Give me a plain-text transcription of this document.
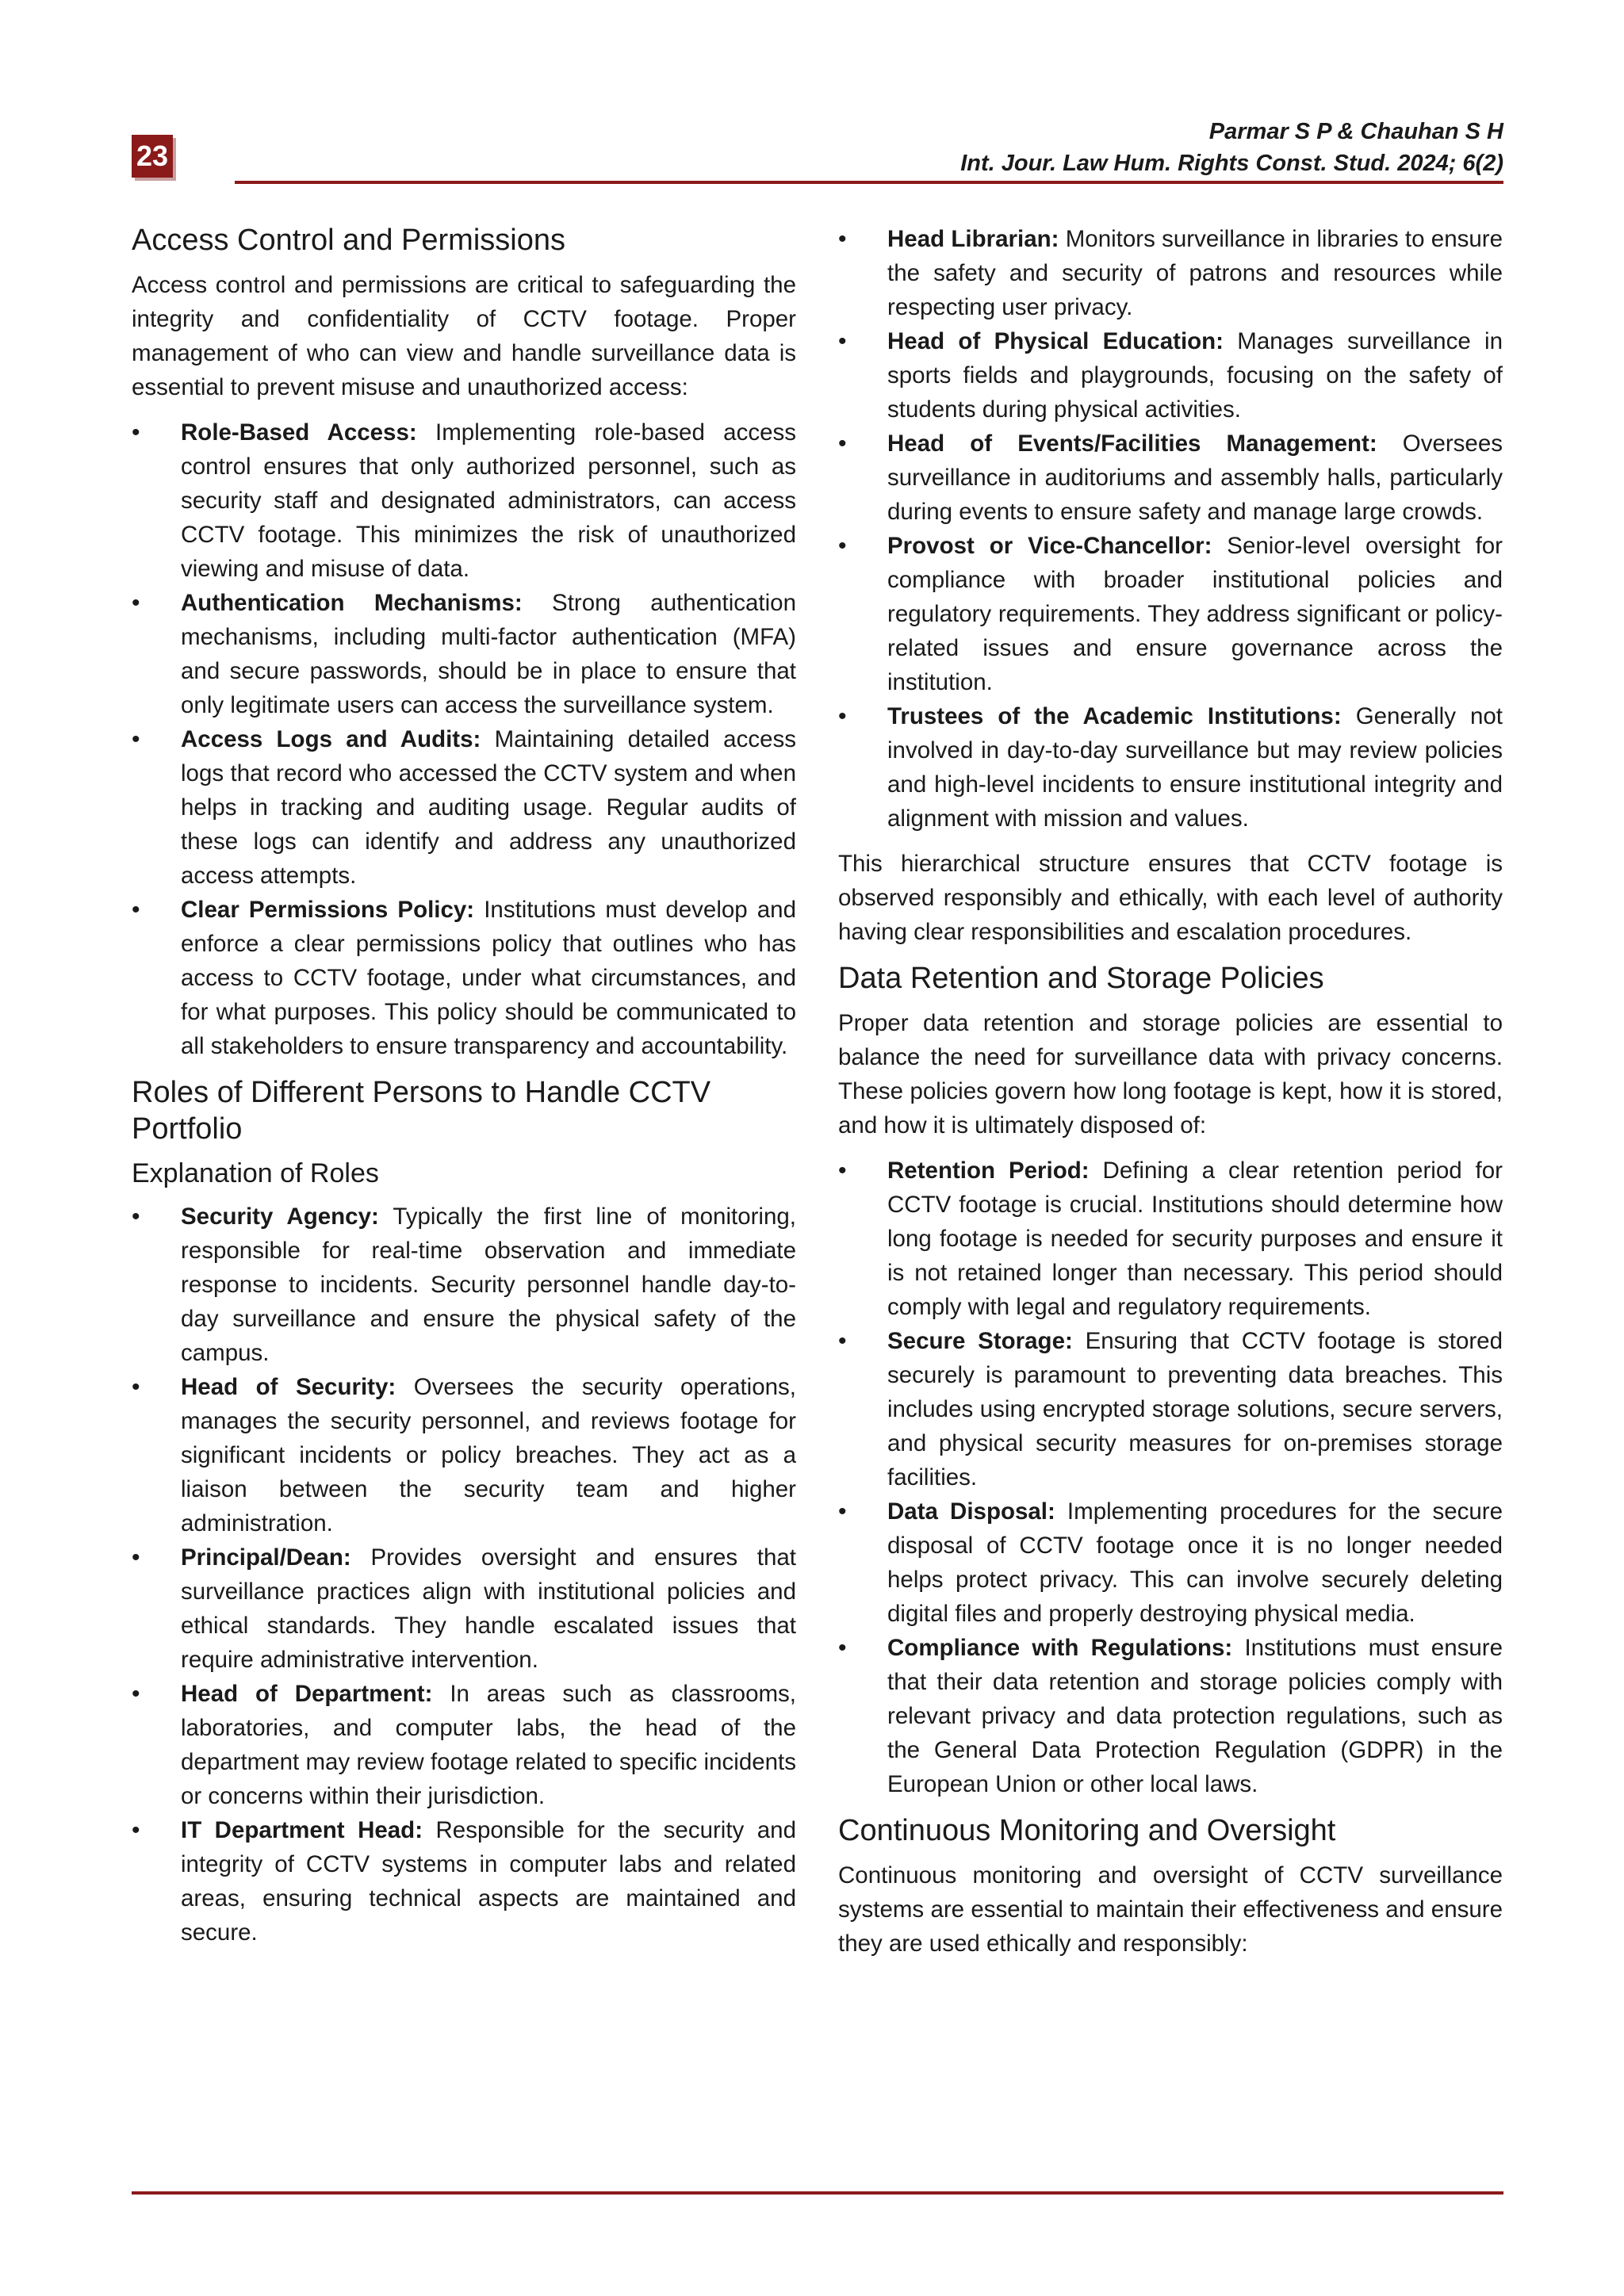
23
Parmar S P & Chauhan S H
Int. Jour. Law Hum. Rights Const. Stud. 2024; 6(2)
Access Control and Permissions

Access control and permissions are critical to safeguarding the integrity and confidentiality of CCTV footage. Proper management of who can view and handle surveillance data is essential to prevent misuse and unauthorized access:

• Role-Based Access: Implementing role-based access control ensures that only authorized personnel, such as security staff and designated administrators, can access CCTV footage. This minimizes the risk of unauthorized viewing and misuse of data.
• Authentication Mechanisms: Strong authentication mechanisms, including multi-factor authentication (MFA) and secure passwords, should be in place to ensure that only legitimate users can access the surveillance system.
• Access Logs and Audits: Maintaining detailed access logs that record who accessed the CCTV system and when helps in tracking and auditing usage. Regular audits of these logs can identify and address any unauthorized access attempts.
• Clear Permissions Policy: Institutions must develop and enforce a clear permissions policy that outlines who has access to CCTV footage, under what circumstances, and for what purposes. This policy should be communicated to all stakeholders to ensure transparency and accountability.
Roles of Different Persons to Handle CCTV Portfolio
Explanation of Roles
• Security Agency: Typically the first line of monitoring, responsible for real-time observation and immediate response to incidents. Security personnel handle day-to-day surveillance and ensure the physical safety of the campus.
• Head of Security: Oversees the security operations, manages the security personnel, and reviews footage for significant incidents or policy breaches. They act as a liaison between the security team and higher administration.
• Principal/Dean: Provides oversight and ensures that surveillance practices align with institutional policies and ethical standards. They handle escalated issues that require administrative intervention.
• Head of Department: In areas such as classrooms, laboratories, and computer labs, the head of the department may review footage related to specific incidents or concerns within their jurisdiction.
• IT Department Head: Responsible for the security and integrity of CCTV systems in computer labs and related areas, ensuring technical aspects are maintained and secure.
• Head Librarian: Monitors surveillance in libraries to ensure the safety and security of patrons and resources while respecting user privacy.
• Head of Physical Education: Manages surveillance in sports fields and playgrounds, focusing on the safety of students during physical activities.
• Head of Events/Facilities Management: Oversees surveillance in auditoriums and assembly halls, particularly during events to ensure safety and manage large crowds.
• Provost or Vice-Chancellor: Senior-level oversight for compliance with broader institutional policies and regulatory requirements. They address significant or policy-related issues and ensure governance across the institution.
• Trustees of the Academic Institutions: Generally not involved in day-to-day surveillance but may review policies and high-level incidents to ensure institutional integrity and alignment with mission and values.

This hierarchical structure ensures that CCTV footage is observed responsibly and ethically, with each level of authority having clear responsibilities and escalation procedures.

Data Retention and Storage Policies

Proper data retention and storage policies are essential to balance the need for surveillance data with privacy concerns. These policies govern how long footage is kept, how it is stored, and how it is ultimately disposed of:

• Retention Period: Defining a clear retention period for CCTV footage is crucial. Institutions should determine how long footage is needed for security purposes and ensure it is not retained longer than necessary. This period should comply with legal and regulatory requirements.
• Secure Storage: Ensuring that CCTV footage is stored securely is paramount to preventing data breaches. This includes using encrypted storage solutions, secure servers, and physical security measures for on-premises storage facilities.
• Data Disposal: Implementing procedures for the secure disposal of CCTV footage once it is no longer needed helps protect privacy. This can involve securely deleting digital files and properly destroying physical media.
• Compliance with Regulations: Institutions must ensure that their data retention and storage policies comply with relevant privacy and data protection regulations, such as the General Data Protection Regulation (GDPR) in the European Union or other local laws.
Continuous Monitoring and Oversight

Continuous monitoring and oversight of CCTV surveillance systems are essential to maintain their effectiveness and ensure they are used ethically and responsibly:
